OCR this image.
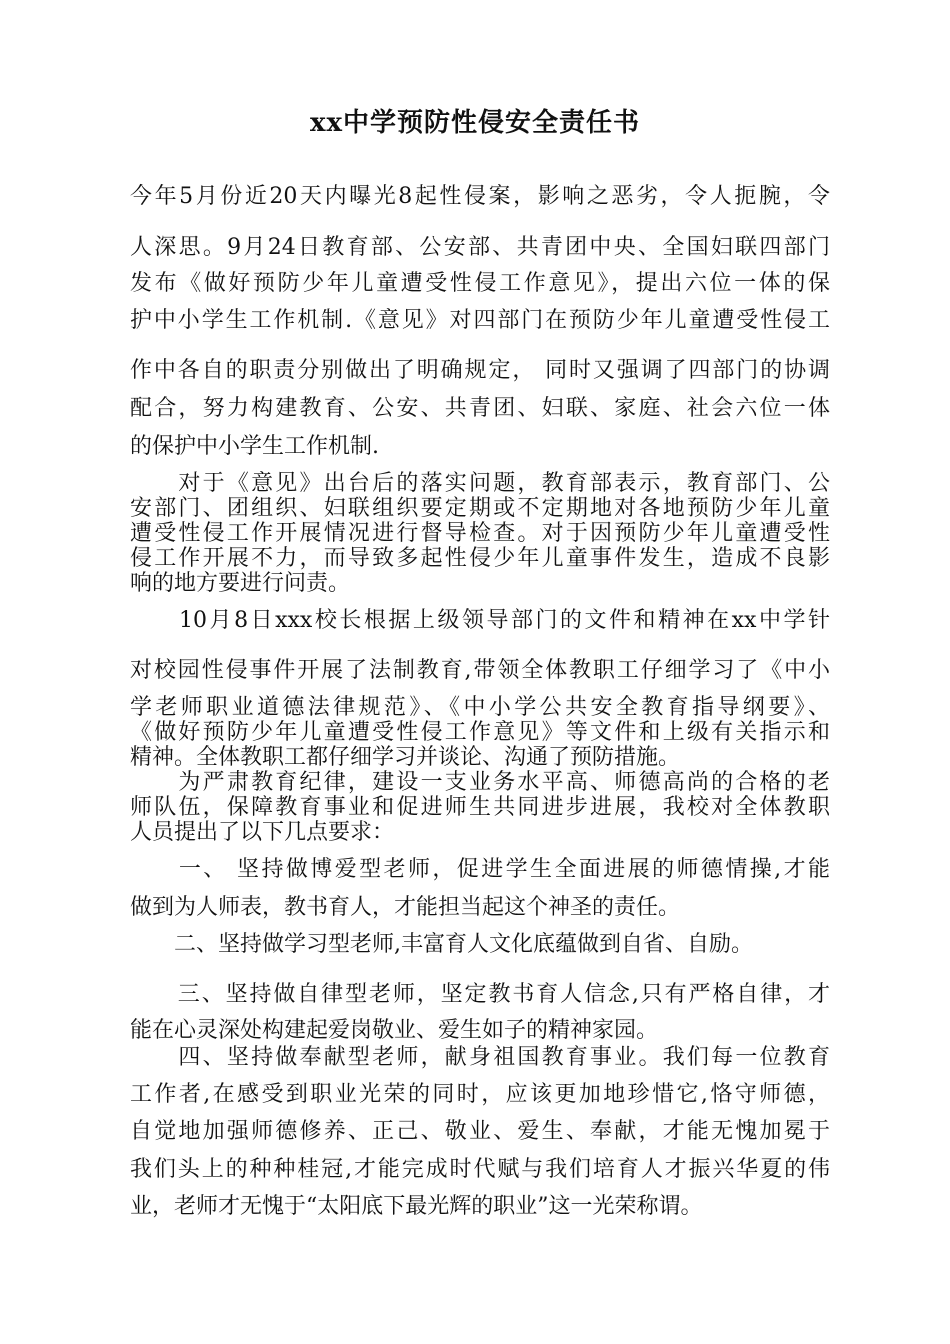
xx中学预防性侵安全责任书
今年5月份近20天内曝光8起性侵案，影响之恶劣，令人扼腕，令
人深思。9月24日教育部、公安部、共青团中央、全国妇联四部门
发布《做好预防少年儿童遭受性侵工作意见》，提出六位一体的保
护中小学生工作机制.《意见》对四部门在预防少年儿童遭受性侵工
作中各自的职责分别做出了明确规定， 同时又强调了四部门的协调
配合，努力构建教育、公安、共青团、妇联、家庭、社会六位一体
的保护中小学生工作机制.
　　对于《意见》出台后的落实问题，教育部表示，教育部门、公
安部门、团组织、妇联组织要定期或不定期地对各地预防少年儿童
遭受性侵工作开展情况进行督导检查。对于因预防少年儿童遭受性
侵工作开展不力，而导致多起性侵少年儿童事件发生，造成不良影
响的地方要进行问责。
　　10月8日xxx校长根据上级领导部门的文件和精神在xx中学针
对校园性侵事件开展了法制教育,带领全体教职工仔细学习了《中小
学老师职业道德法律规范》、《中小学公共安全教育指导纲要》、
《做好预防少年儿童遭受性侵工作意见》等文件和上级有关指示和
精神。全体教职工都仔细学习并谈论、沟通了预防措施。
　　为严肃教育纪律，建设一支业务水平高、师德高尚的合格的老
师队伍，保障教育事业和促进师生共同进步进展，我校对全体教职
人员提出了以下几点要求：
　　一、 坚持做博爱型老师，促进学生全面进展的师德情操,才能
做到为人师表，教书育人，才能担当起这个神圣的责任。
　　二、坚持做学习型老师,丰富育人文化底蕴做到自省、自励。
　　三、坚持做自律型老师，坚定教书育人信念,只有严格自律，才
能在心灵深处构建起爱岗敬业、爱生如子的精神家园。
　　四、坚持做奉献型老师，献身祖国教育事业。我们每一位教育
工作者,在感受到职业光荣的同时，应该更加地珍惜它,恪守师德，
自觉地加强师德修养、正己、敬业、爱生、奉献，才能无愧加冕于
我们头上的种种桂冠,才能完成时代赋与我们培育人才振兴华夏的伟
业，老师才无愧于“太阳底下最光辉的职业”这一光荣称谓。
